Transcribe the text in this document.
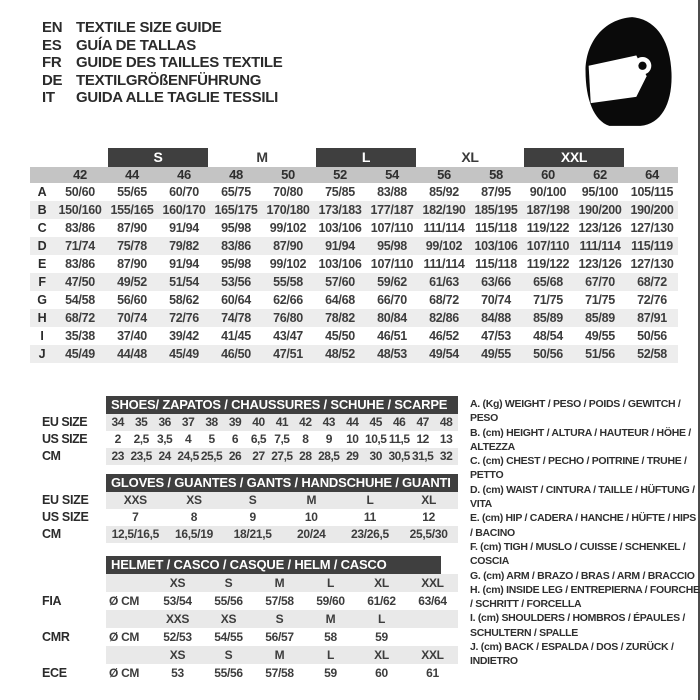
EN TEXTILE SIZE GUIDE
ES GUÍA DE TALLAS
FR GUIDE DES TAILLES TEXTILE
DE TEXTILGRÖßENFÜHRUNG
IT	GUIDA ALLE TAGLIE TESSILI
S	M	L	XL	XXL
42	44	46	48	50	52	54	56	58	60	62	64
A	50/60	55/65	60/70	65/75	70/80	75/85	83/88	85/92	87/95	90/100	95/100	105/115
B 150/160 155/165 160/170 165/175 170/180 173/183 177/187 182/190 185/195 187/198 190/200 190/200
C	83/86	87/90	91/94	95/98	99/102 103/106 107/110 111/114 115/118 119/122 123/126 127/130
D	71/74	75/78	79/82	83/86	87/90	91/94	95/98	99/102 103/106 107/110 111/114 115/119
E	83/86	87/90	91/94	95/98	99/102 103/106 107/110 111/114 115/118 119/122 123/126 127/130
F	47/50	49/52	51/54	53/56	55/58	57/60	59/62	61/63	63/66	65/68	67/70	68/72
G	54/58	56/60	58/62	60/64	62/66	64/68	66/70	68/72	70/74	71/75	71/75	72/76
H	68/72	70/74	72/76	74/78	76/80	78/82	80/84	82/86	84/88	85/89	85/89	87/91
I	35/38	37/40	39/42	41/45	43/47	45/50	46/51	46/52	47/53	48/54	49/55	50/56
J	45/49	44/48	45/49	46/50	47/51	48/52	48/53	49/54	49/55	50/56	51/56	52/58
SHOES/ ZAPATOS / CHAUSSURES / SCHUHE / SCARPE
EU SIZE	34 35 36 37 38 39 40 41 42 43 44 45 46 47 48
US SIZE	2	2,5 3,5	4	5	6	6,5 7,5	8	9	10 10,5 11,5 12 13
CM	23 23,5 24 24,5 25,5 26 27 27,5 28 28,5 29 30 30,5 31,5 32
GLOVES / GUANTES / GANTS / HANDSCHUHE / GUANTI
EU SIZE	XXS	XS	S	M	L	XL
US SIZE	7	8	9	10	11	12
CM	12,5/16,5	16,5/19	18/21,5	20/24	23/26,5	25,5/30
HELMET / CASCO / CASQUE / HELM / CASCO
XS	S	M	L	XL	XXL
FIA	Ø CM	53/54	55/56	57/58	59/60	61/62	63/64
XXS	XS	S	M	L
CMR	Ø CM	52/53	54/55	56/57	58	59
XS	S	M	L	XL	XXL
ECE	Ø CM	53	55/56	57/58	59	60	61
A. (Kg) WEIGHT / PESO / POIDS / GEWITCH / PESO
B. (cm) HEIGHT / ALTURA / HAUTEUR / HÖHE / ALTEZZA
C. (cm) CHEST / PECHO / POITRINE / TRUHE / PETTO
D. (cm) WAIST / CINTURA / TAILLE / HÜFTUNG / VITA
E. (cm) HIP / CADERA / HANCHE / HÜFTE / HIPS / BACINO
F. (cm) TIGH / MUSLO / CUISSE / SCHENKEL / COSCIA
G. (cm) ARM / BRAZO / BRAS / ARM / BRACCIO
H. (cm) INSIDE LEG / ENTREPIERNA / FOURCHE / SCHRITT / FORCELLA
I. (cm) SHOULDERS / HOMBROS / ÉPAULES / SCHULTERN / SPALLE
J. (cm) BACK / ESPALDA / DOS / ZURÜCK / INDIETRO
